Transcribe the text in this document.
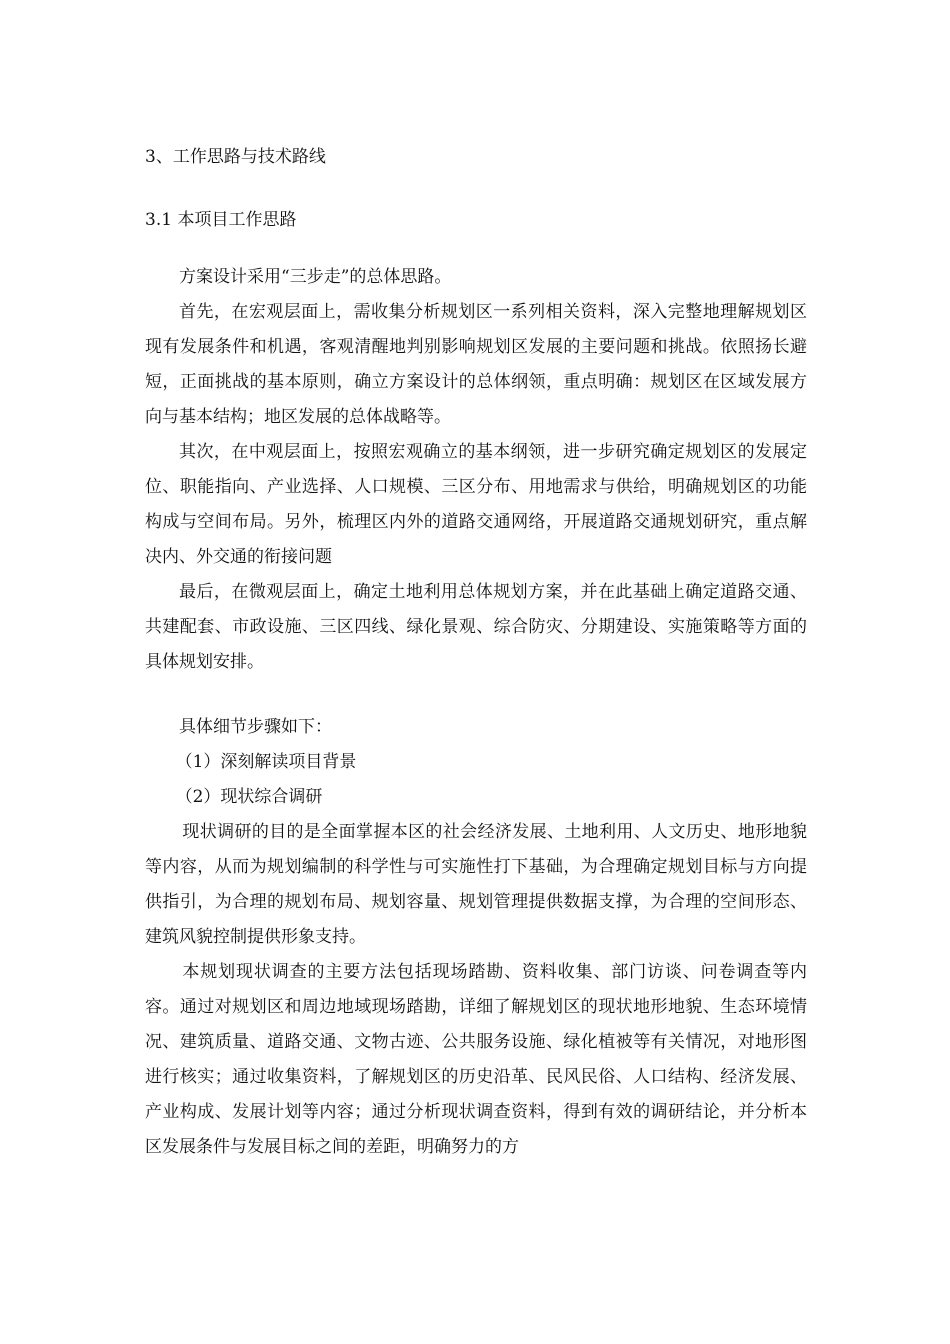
3、工作思路与技术路线
3.1 本项目工作思路

方案设计采用“三步走”的总体思路。

首先，在宏观层面上，需收集分析规划区一系列相关资料，深入完整地理解规划区现有发展条件和机遇，客观清醒地判别影响规划区发展的主要问题和挑战。依照扬长避短，正面挑战的基本原则，确立方案设计的总体纲领，重点明确：规划区在区域发展方向与基本结构；地区发展的总体战略等。

其次，在中观层面上，按照宏观确立的基本纲领，进一步研究确定规划区的发展定位、职能指向、产业选择、人口规模、三区分布、用地需求与供给，明确规划区的功能构成与空间布局。另外，梳理区内外的道路交通网络，开展道路交通规划研究，重点解决内、外交通的衔接问题

最后，在微观层面上，确定土地利用总体规划方案，并在此基础上确定道路交通、共建配套、市政设施、三区四线、绿化景观、综合防灾、分期建设、实施策略等方面的具体规划安排。

具体细节步骤如下：

（1）深刻解读项目背景

（2）现状综合调研

现状调研的目的是全面掌握本区的社会经济发展、土地利用、人文历史、地形地貌等内容，从而为规划编制的科学性与可实施性打下基础，为合理确定规划目标与方向提供指引，为合理的规划布局、规划容量、规划管理提供数据支撑，为合理的空间形态、建筑风貌控制提供形象支持。

本规划现状调查的主要方法包括现场踏勘、资料收集、部门访谈、问卷调查等内容。通过对规划区和周边地域现场踏勘，详细了解规划区的现状地形地貌、生态环境情况、建筑质量、道路交通、文物古迹、公共服务设施、绿化植被等有关情况，对地形图进行核实；通过收集资料，了解规划区的历史沿革、民风民俗、人口结构、经济发展、产业构成、发展计划等内容；通过分析现状调查资料，得到有效的调研结论，并分析本区发展条件与发展目标之间的差距，明确努力的方
